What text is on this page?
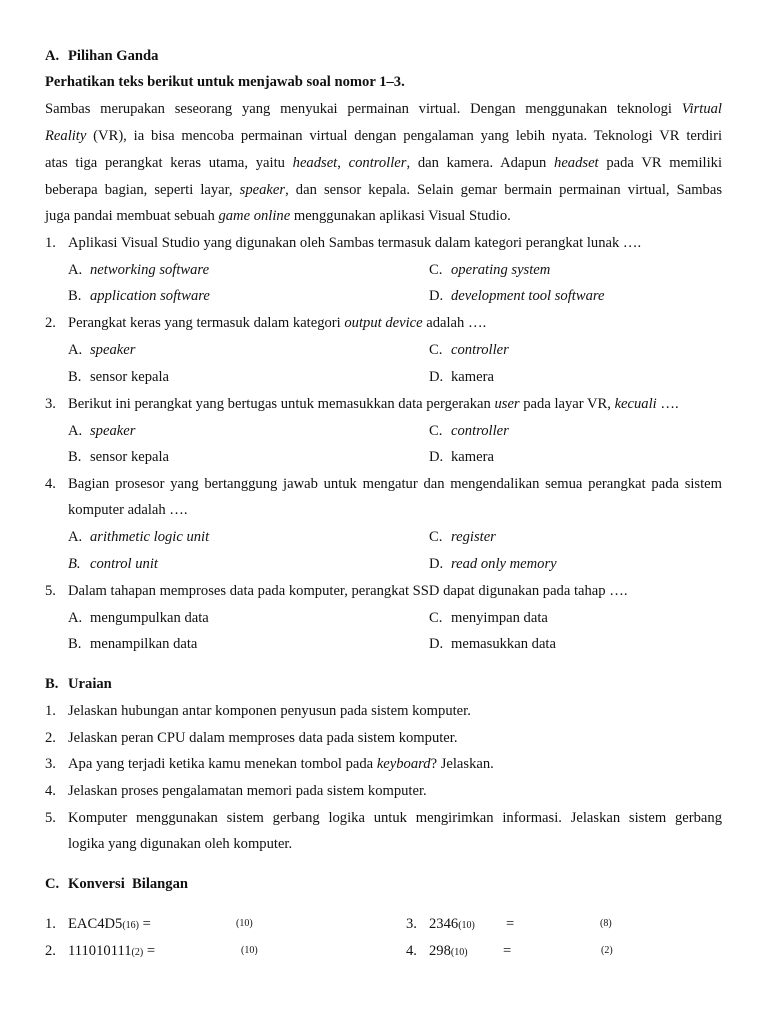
A. Pilihan Ganda
Perhatikan teks berikut untuk menjawab soal nomor 1–3.
Sambas merupakan seseorang yang menyukai permainan virtual. Dengan menggunakan teknologi Virtual
Reality (VR), ia bisa mencoba permainan virtual dengan pengalaman yang lebih nyata. Teknologi VR terdiri
atas tiga perangkat keras utama, yaitu headset, controller, dan kamera. Adapun headset pada VR memiliki
beberapa bagian, seperti layar, speaker, dan sensor kepala. Selain gemar bermain permainan virtual, Sambas
juga pandai membuat sebuah game online menggunakan aplikasi Visual Studio.
1. Aplikasi Visual Studio yang digunakan oleh Sambas termasuk dalam kategori perangkat lunak ….
A. networking software	C. operating system
B. application software	D. development tool software
2. Perangkat keras yang termasuk dalam kategori output device adalah ….
A. speaker	C. controller
B. sensor kepala	D. kamera
3. Berikut ini perangkat yang bertugas untuk memasukkan data pergerakan user pada layar VR, kecuali ….
A. speaker	C. controller
B. sensor kepala	D. kamera
4. Bagian prosesor yang bertanggung jawab untuk mengatur dan mengendalikan semua perangkat pada sistem
komputer adalah ….
A. arithmetic logic unit	C. register
B. control unit	D. read only memory
5. Dalam tahapan memproses data pada komputer, perangkat SSD dapat digunakan pada tahap ….
A. mengumpulkan data	C. menyimpan data
B. menampilkan data	D. memasukkan data
B. Uraian
1. Jelaskan hubungan antar komponen penyusun pada sistem komputer.
2. Jelaskan peran CPU dalam memproses data pada sistem komputer.
3. Apa yang terjadi ketika kamu menekan tombol pada keyboard? Jelaskan.
4. Jelaskan proses pengalamatan memori pada sistem komputer.
5. Komputer menggunakan sistem gerbang logika untuk mengirimkan informasi. Jelaskan sistem gerbang
logika yang digunakan oleh komputer.
C. Konversi  Bilangan
1. EAC4D5(16) =	(10)	3. 2346(10) =	(8)
2. 111010111(2) =	(10)	4. 298(10) =	(2)
